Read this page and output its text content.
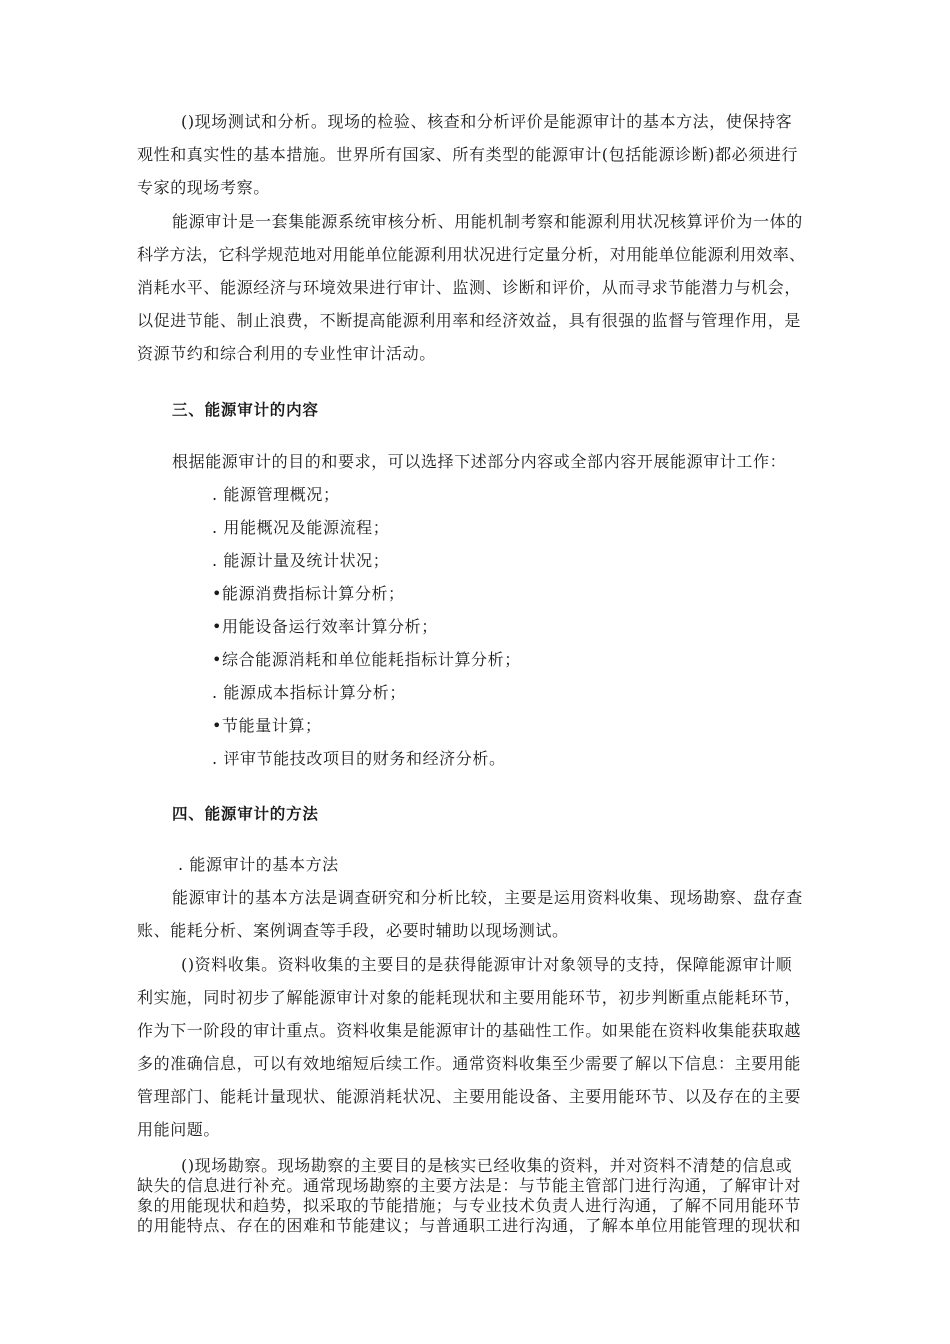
()现场测试和分析。现场的检验、核查和分析评价是能源审计的基本方法，使保持客
观性和真实性的基本措施。世界所有国家、所有类型的能源审计(包括能源诊断)都必须进行
专家的现场考察。
能源审计是一套集能源系统审核分析、用能机制考察和能源利用状况核算评价为一体的
科学方法，它科学规范地对用能单位能源利用状况进行定量分析，对用能单位能源利用效率、
消耗水平、能源经济与环境效果进行审计、监测、诊断和评价，从而寻求节能潜力与机会，
以促进节能、制止浪费，不断提高能源利用率和经济效益，具有很强的监督与管理作用，是
资源节约和综合利用的专业性审计活动。
三、能源审计的内容
根据能源审计的目的和要求，可以选择下述部分内容或全部内容开展能源审计工作：
. 能源管理概况；
. 用能概况及能源流程；
. 能源计量及统计状况；
•能源消费指标计算分析；
•用能设备运行效率计算分析；
•综合能源消耗和单位能耗指标计算分析；
. 能源成本指标计算分析；
•节能量计算；
. 评审节能技改项目的财务和经济分析。
四、能源审计的方法
. 能源审计的基本方法
能源审计的基本方法是调查研究和分析比较，主要是运用资料收集、现场勘察、盘存查
账、能耗分析、案例调查等手段，必要时辅助以现场测试。
()资料收集。资料收集的主要目的是获得能源审计对象领导的支持，保障能源审计顺
利实施，同时初步了解能源审计对象的能耗现状和主要用能环节，初步判断重点能耗环节，
作为下一阶段的审计重点。资料收集是能源审计的基础性工作。如果能在资料收集能获取越
多的准确信息，可以有效地缩短后续工作。通常资料收集至少需要了解以下信息：主要用能
管理部门、能耗计量现状、能源消耗状况、主要用能设备、主要用能环节、以及存在的主要
用能问题。
()现场勘察。现场勘察的主要目的是核实已经收集的资料，并对资料不清楚的信息或
缺失的信息进行补充。通常现场勘察的主要方法是：与节能主管部门进行沟通，了解审计对
象的用能现状和趋势，拟采取的节能措施；与专业技术负责人进行沟通，了解不同用能环节
的用能特点、存在的困难和节能建议；与普通职工进行沟通，了解本单位用能管理的现状和
